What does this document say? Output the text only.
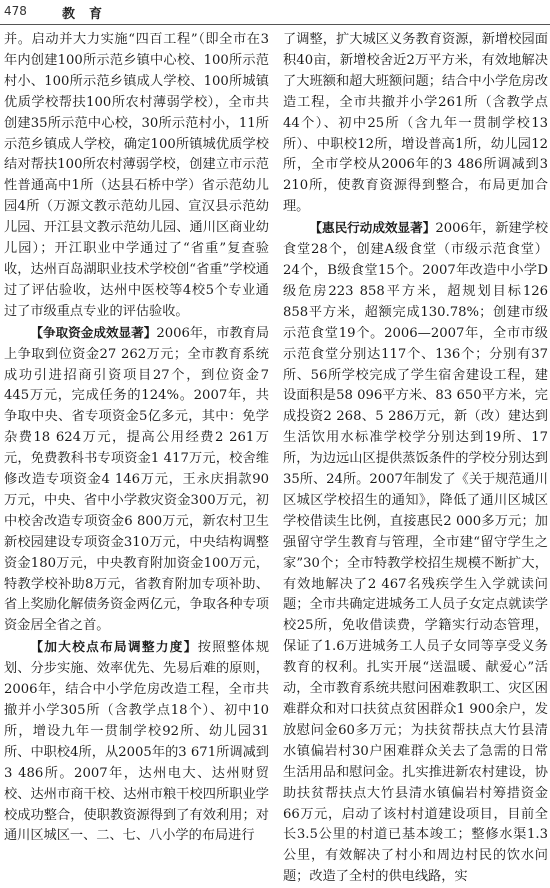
478	教育

并。启动并大力实施“四百工程”（即全市在3年内创建100所示范乡镇中心校、100所示范村小、100所示范乡镇成人学校、100所城镇优质学校帮扶100所农村薄弱学校），全市共创建35所示范中心校，30所示范村小，11所示范乡镇成人学校，确定100所镇城优质学校结对帮扶100所农村薄弱学校，创建立市示范性普通高中1所（达县石桥中学）省示范幼儿园4所（万源文教示范幼儿园、宣汉县示范幼儿园、开江县文教示范幼儿园、通川区商业幼儿园）；开江职业中学通过了“省重”复查验收，达州百岛湖职业技术学校创“省重”学校通过了评估验收，达州中医校等4校5个专业通过了市级重点专业的评估验收。

【争取资金成效显著】2006年，市教育局上争取到位资金27 262万元；全市教育系统成功引进招商引资项目27个，到位资金7 445万元，完成任务的124%。2007年，共争取中央、省专项资金5亿多元，其中：免学杂费18 624万元，提高公用经费2 261万元，免费教科书专项资金1 417万元，校舍维修改造专项资金4 146万元，王永庆捐款90万元，中央、省中小学救灾资金300万元，初中校舍改造专项资金6 800万元，新农村卫生新校园建设专项资金310万元，中央结构调整资金180万元，中央教育附加资金100万元，特教学校补助8万元，省教育附加专项补助、省上奖励化解债务资金两亿元，争取各种专项资金居全省之首。

【加大校点布局调整力度】按照整体规划、分步实施、效率优先、先易后难的原则，2006年，结合中小学危房改造工程，全市共撤并小学305所（含教学点18个）、初中10所，增设九年一贯制学校92所、幼儿园31所、中职校4所，从2005年的3 671所调减到3 486所。2007年，达州电大、达州财贸校、达州市商干校、达州市粮干校四所职业学校成功整合，使职教资源得到了有效利用；对通川区城区一、二、七、八小学的布局进行

了调整，扩大城区义务教育资源，新增校园面积40亩，新增校舍近2万平方米，有效地解决了大班额和超大班额问题；结合中小学危房改造工程，全市共撤并小学261所（含教学点44个）、初中25所（含九年一贯制学校13所）、中职校12所，增设普高1所，幼儿园12所，全市学校从2006年的3 486所调减到3 210所，使教育资源得到整合，布局更加合理。

【惠民行动成效显著】2006年，新建学校食堂28个，创建A级食堂（市级示范食堂）24个，B级食堂15个。2007年改造中小学D级危房223 858平方米，超规划目标126 858平方米，超额完成130.78%；创建市级示范食堂19个。2006—2007年，全市市级示范食堂分别达117个、136个；分别有37所、56所学校完成了学生宿舍建设工程，建设面积是58 096平方米、83 650平方米，完成投资2 268、5 286万元，新（改）建达到生活饮用水标准学校学分别达到19所、17所，为边远山区提供蒸饭条件的学校分别达到35所、24所。2007年制发了《关于规范通川区城区学校招生的通知》，降低了通川区城区学校借读生比例，直接惠民2 000多万元；加强留守学生教育与管理，全市建“留守学生之家”30个；全市特教学校招生规模不断扩大，有效地解决了2 467名残疾学生入学就读问题；全市共确定进城务工人员子女定点就读学校25所，免收借读费，学籍实行动态管理，保证了1.6万进城务工人员子女同等享受义务教育的权利。扎实开展“送温暖、献爱心”活动，全市教育系统共慰问困难教职工、灾区困难群众和对口扶贫点贫困群众1 900余户，发放慰问金60多万元；为扶贫帮扶点大竹县清水镇偏岩村30户困难群众关去了急需的日常生活用品和慰问金。扎实推进新农村建设，协助扶贫帮扶点大竹县清水镇偏岩村筹措资金66万元，启动了该村村道建设项目，目前全长3.5公里的村道已基本竣工；整修水渠1.3公里，有效解决了村小和周边村民的饮水问题；改造了全村的供电线路，实
